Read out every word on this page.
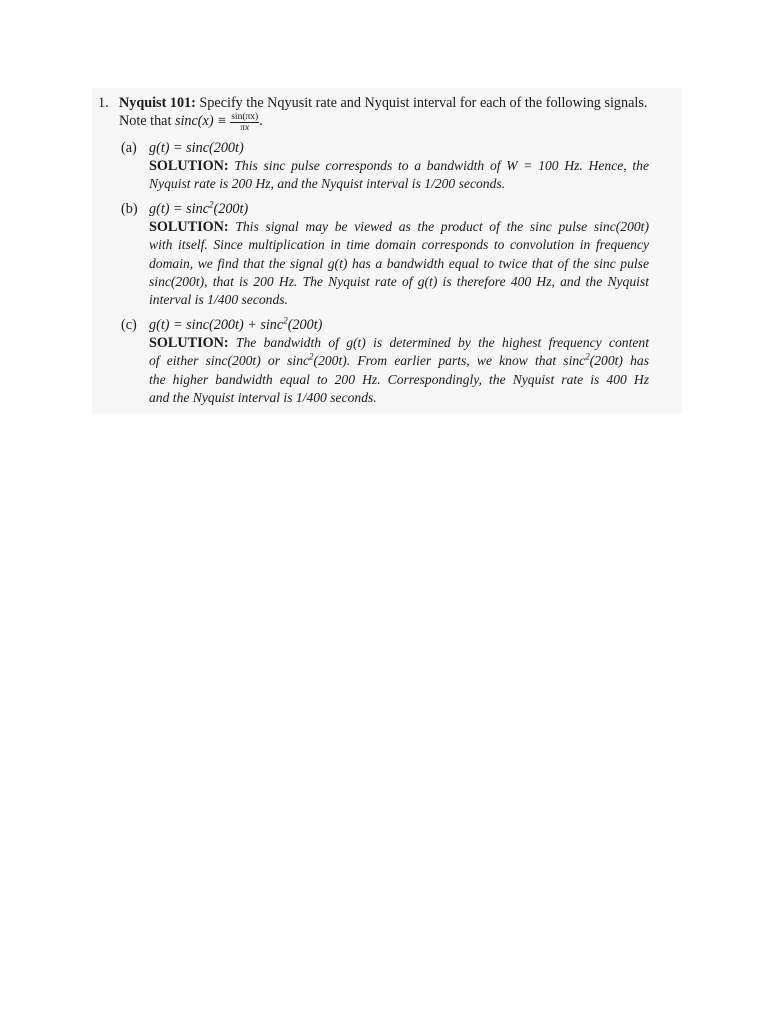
1. Nyquist 101: Specify the Nqyusit rate and Nyquist interval for each of the following signals.
Note that $\sin c(x) \equiv \frac{\sin(\pi x)}{\pi x}$ .
(a) g(t) = sinc(200t)
SOLUTION: This sinc pulse corresponds to a bandwidth of W = 100 Hz. Hence, the
Nyquist rate is 200 Hz, and the Nyquist interval is 1/200 seconds.
(b) g(t) = sinc$^2$(200t)
SOLUTION: This signal may be viewed as the product of the sinc pulse sinc(200t)
with itself. Since multiplication in time domain corresponds to convolution in frequency
domain, we find that the signal g(t) has a bandwidth equal to twice that of the sinc pulse
sinc(200t), that is 200 Hz. The Nyquist rate of g(t) is therefore 400 Hz, and the Nyquist
interval is 1/400 seconds.
(c) g(t) = sinc(200t) + sinc$^2$(200t)
SOLUTION: The bandwidth of g(t) is determined by the highest frequency content
of either sinc(200t) or sinc$^2$(200t). From earlier parts, we know that sinc$^2$(200t) has
the higher bandwidth equal to 200 Hz. Correspondingly, the Nyquist rate is 400 Hz
and the Nyquist interval is 1/400 seconds.
